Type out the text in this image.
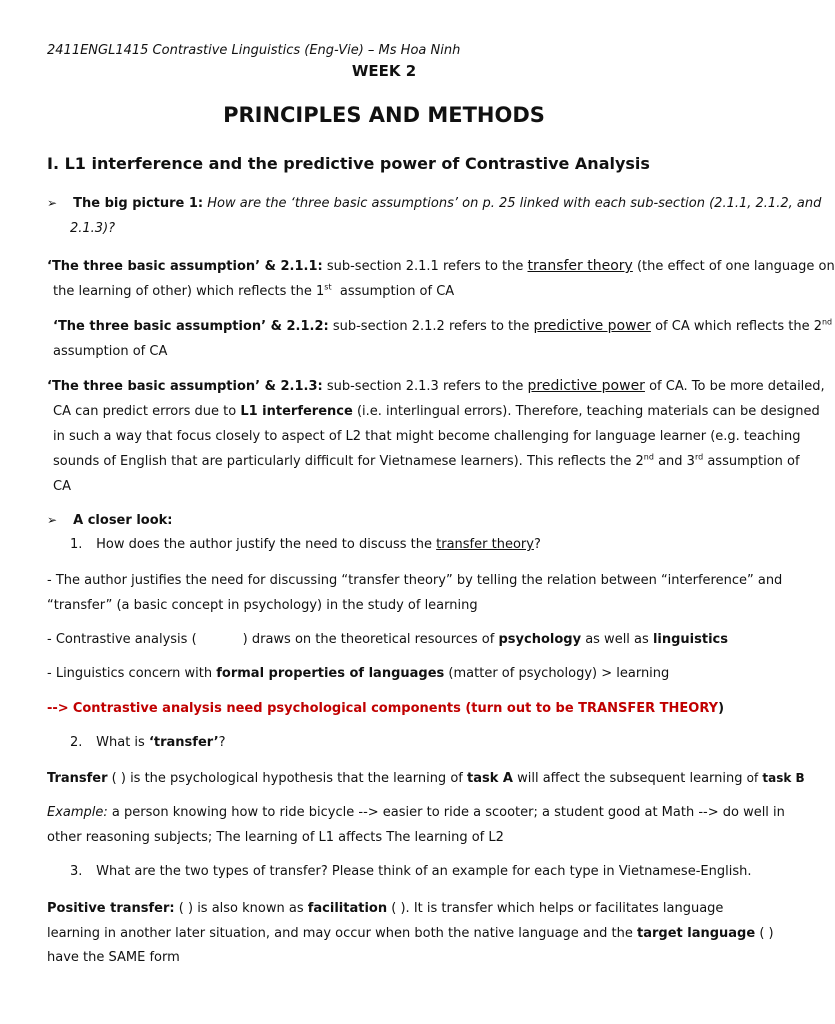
2411ENGL1415 Contrastive Linguistics (Eng-Vie) – Ms Hoa Ninh
WEEK 2
PRINCIPLES AND METHODS
I. L1 interference and the predictive power of Contrastive Analysis
➢ The big picture 1: How are the ‘three basic assumptions’ on p. 25 linked with each sub-section (2.1.1, 2.1.2, and
2.1.3)?
‘The three basic assumption’ & 2.1.1: sub-section 2.1.1 refers to the transfer theory (the effect of one language on
the learning of other) which reflects the 1st assumption of CA
‘The three basic assumption’ & 2.1.2: sub-section 2.1.2 refers to the predictive power of CA which reflects the 2nd
assumption of CA
‘The three basic assumption’ & 2.1.3: sub-section 2.1.3 refers to the predictive power of CA. To be more detailed,
CA can predict errors due to L1 interference (i.e. interlingual errors). Therefore, teaching materials can be designed
in such a way that focus closely to aspect of L2 that might become challenging for language learner (e.g. teaching
sounds of English that are particularly difficult for Vietnamese learners). This reflects the 2nd and 3rd assumption of
CA
➢ A closer look:
1. How does the author justify the need to discuss the transfer theory?
- The author justifies the need for discussing “transfer theory” by telling the relation between “interference” and
“transfer” (a basic concept in psychology) in the study of learning
- Contrastive analysis (	) draws on the theoretical resources of psychology as well as linguistics
- Linguistics concern with formal properties of languages (matter of psychology) > learning
--> Contrastive analysis need psychological components (turn out to be TRANSFER THEORY)
2. What is ‘transfer’?
Transfer ( ) is the psychological hypothesis that the learning of task A will affect the subsequent learning of task B
Example: a person knowing how to ride bicycle --> easier to ride a scooter; a student good at Math --> do well in
other reasoning subjects; The learning of L1 affects The learning of L2
3. What are the two types of transfer? Please think of an example for each type in Vietnamese-English.
Positive transfer: ( ) is also known as facilitation ( ). It is transfer which helps or facilitates language
learning in another later situation, and may occur when both the native language and the target language ( )
have the SAME form
